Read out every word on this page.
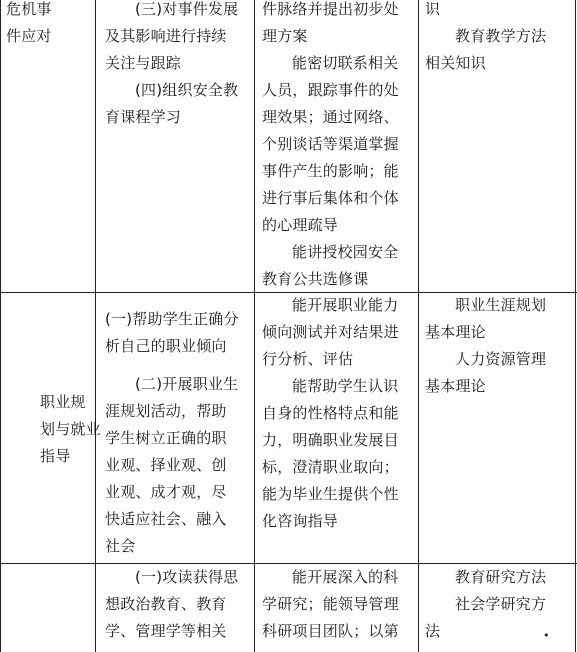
危机事

件应对

(三)对事件发展

及其影响进行持续

关注与跟踪

(四)组织安全教

育课程学习

件脉络并提出初步处

理方案

能密切联系相关

人员，跟踪事件的处

理效果；通过网络、

个别谈话等渠道掌握

事件产生的影响；能

进行事后集体和个体

的心理疏导

能讲授校园安全

教育公共选修课

识

教育教学方法

相关知识

职业规

划与就业

指导

(一)帮助学生正确分

析自己的职业倾向

(二)开展职业生

涯规划活动，帮助

学生树立正确的职

业观、择业观、创

业观、成才观，尽

快适应社会、融入

社会

能开展职业能力

倾向测试并对结果进

行分析、评估

能帮助学生认识

自身的性格特点和能

力，明确职业发展目

标，澄清职业取向；

能为毕业生提供个性

化咨询指导

职业生涯规划

基本理论

人力资源管理

基本理论

(一)攻读获得思

想政治教育、教育

学、管理学等相关

能开展深入的科

学研究；能领导管理

科研项目团队；以第

教育研究方法

社会学研究方

法	•
